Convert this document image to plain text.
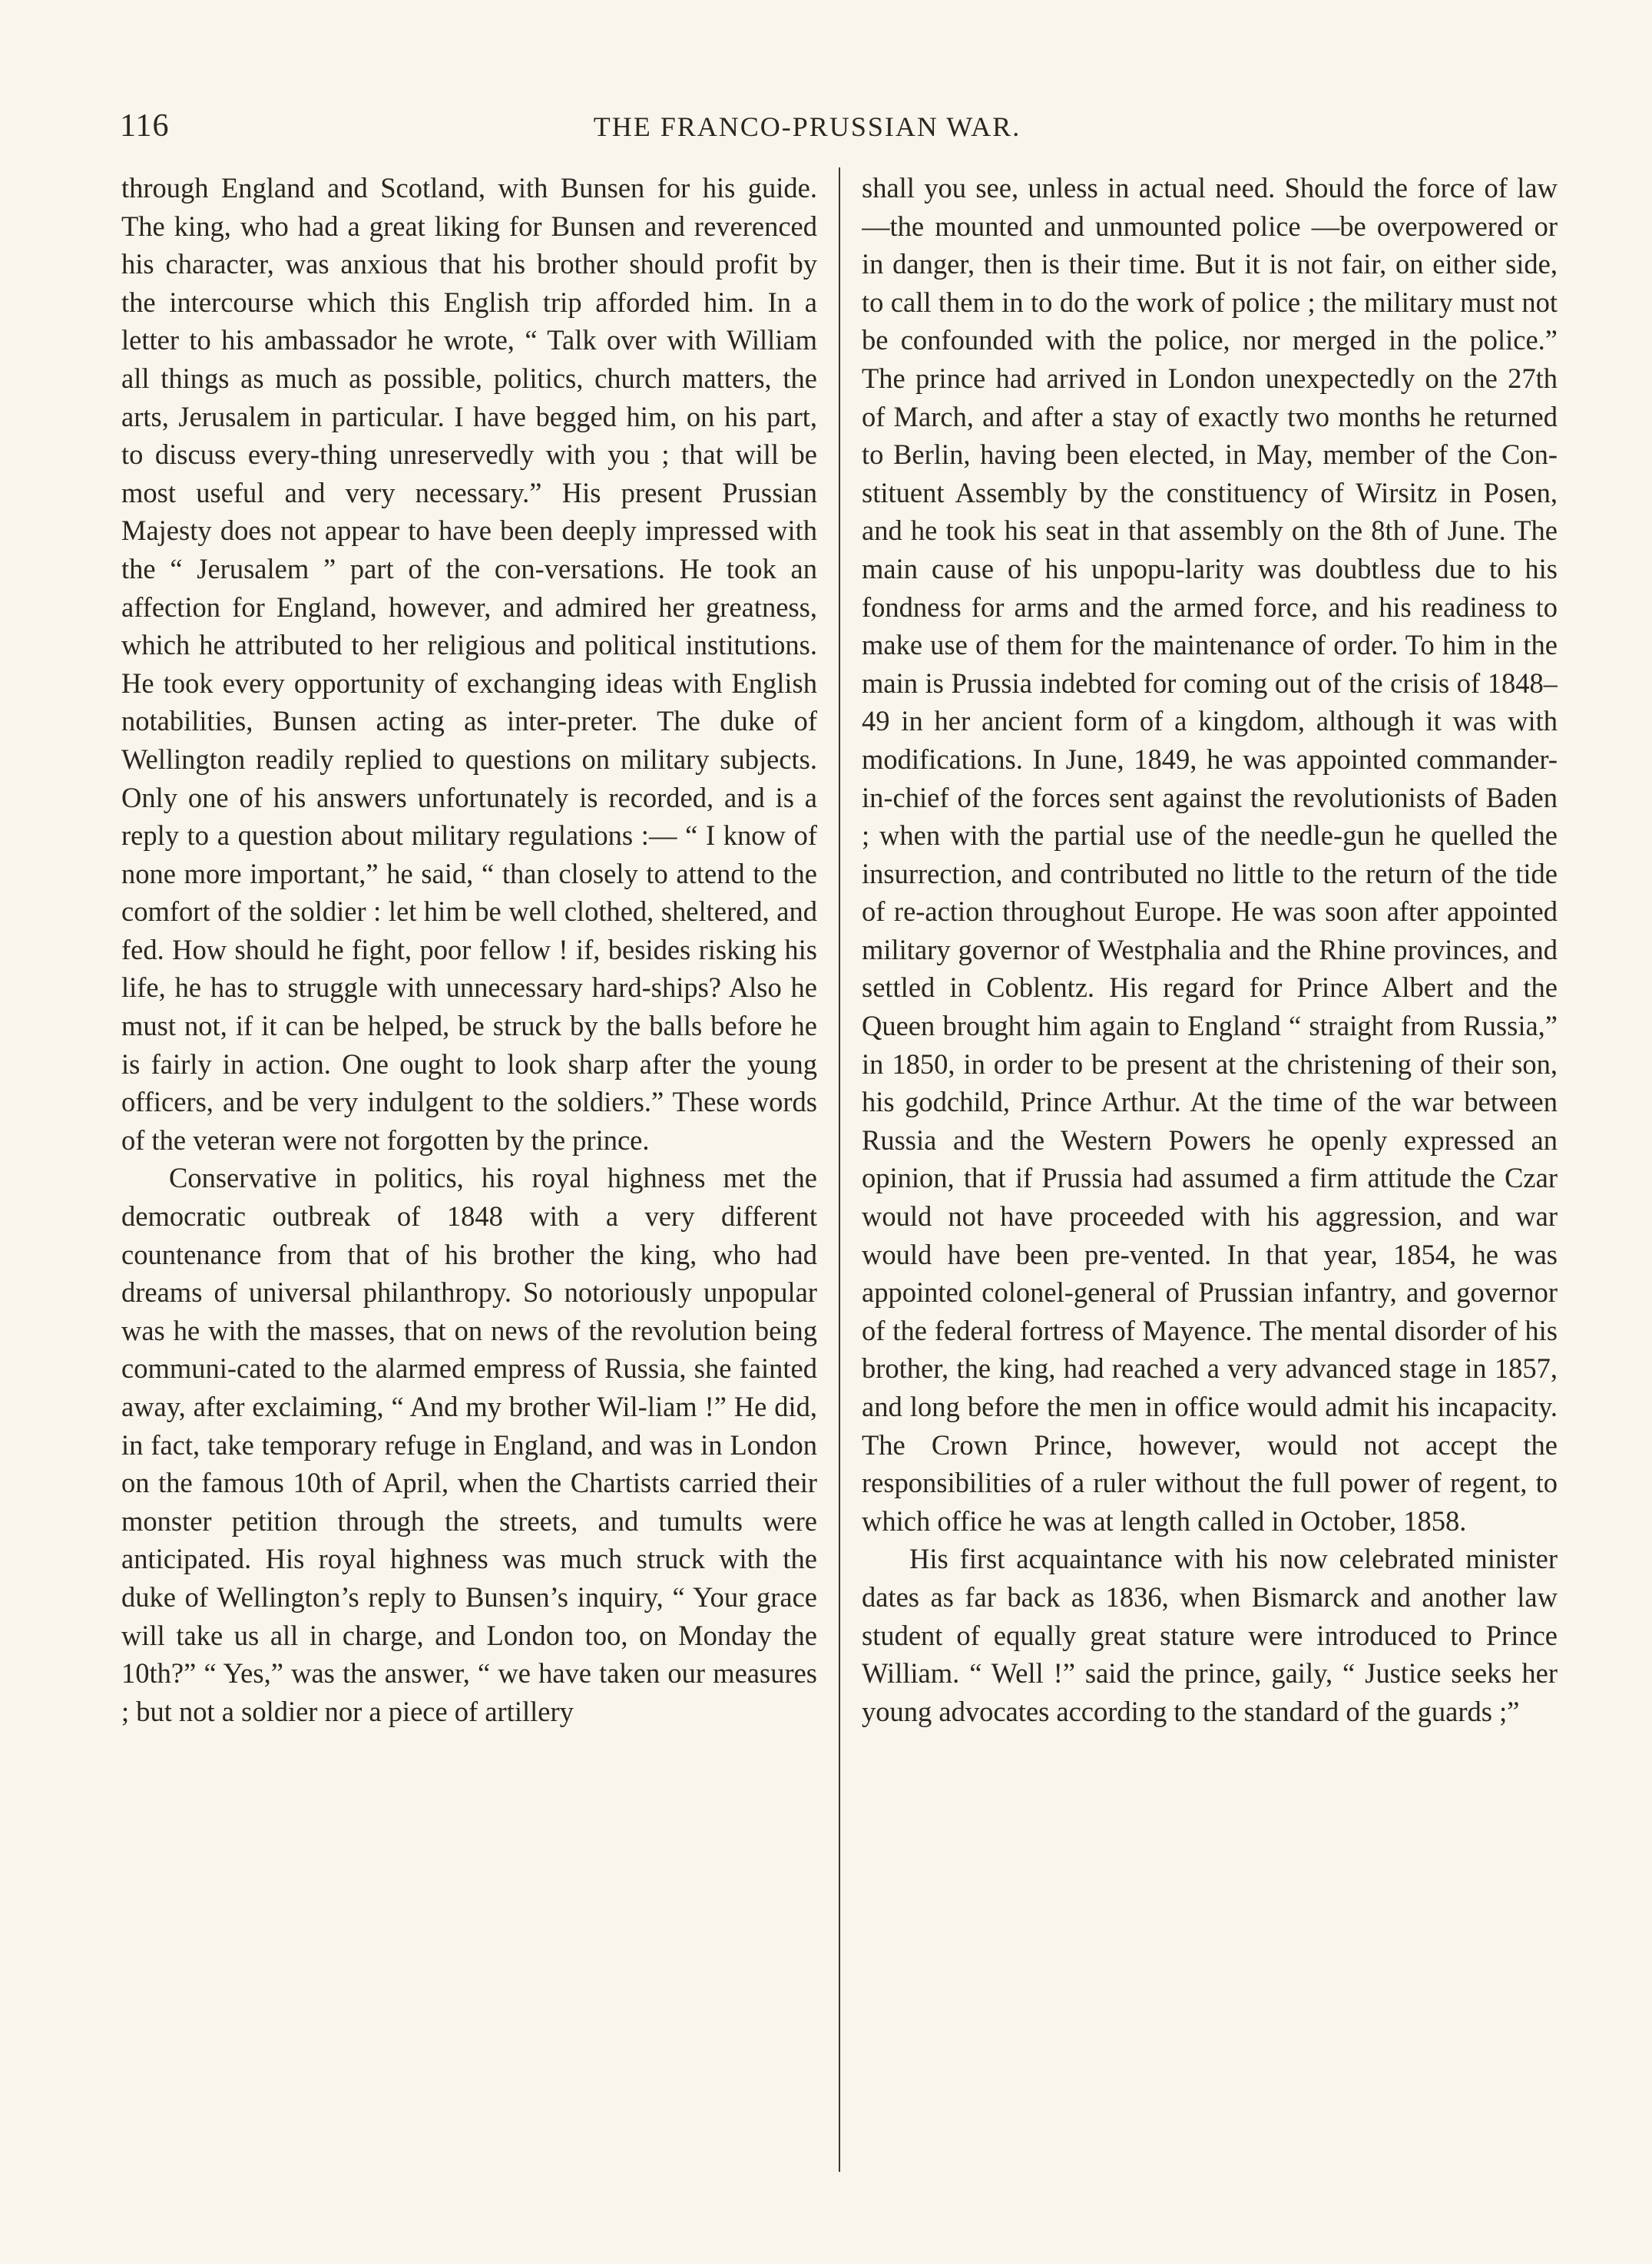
116	THE FRANCO-PRUSSIAN WAR.

through England and Scotland, with Bunsen for his guide. The king, who had a great liking for Bunsen and reverenced his character, was anxious that his brother should profit by the intercourse which this English trip afforded him. In a letter to his ambassador he wrote, “ Talk over with William all things as much as possible, politics, church matters, the arts, Jerusalem in particular. I have begged him, on his part, to discuss every-thing unreservedly with you ; that will be most useful and very necessary.” His present Prussian Majesty does not appear to have been deeply impressed with the “ Jerusalem ” part of the con-versations. He took an affection for England, however, and admired her greatness, which he attributed to her religious and political institutions. He took every opportunity of exchanging ideas with English notabilities, Bunsen acting as inter-preter. The duke of Wellington readily replied to questions on military subjects. Only one of his answers unfortunately is recorded, and is a reply to a question about military regulations :— “ I know of none more important,” he said, “ than closely to attend to the comfort of the soldier : let him be well clothed, sheltered, and fed. How should he fight, poor fellow ! if, besides risking his life, he has to struggle with unnecessary hard-ships? Also he must not, if it can be helped, be struck by the balls before he is fairly in action. One ought to look sharp after the young officers, and be very indulgent to the soldiers.” These words of the veteran were not forgotten by the prince.

Conservative in politics, his royal highness met the democratic outbreak of 1848 with a very different countenance from that of his brother the king, who had dreams of universal philanthropy. So notoriously unpopular was he with the masses, that on news of the revolution being communi-cated to the alarmed empress of Russia, she fainted away, after exclaiming, “ And my brother Wil-liam !” He did, in fact, take temporary refuge in England, and was in London on the famous 10th of April, when the Chartists carried their monster petition through the streets, and tumults were anticipated. His royal highness was much struck with the duke of Wellington’s reply to Bunsen’s inquiry, “ Your grace will take us all in charge, and London too, on Monday the 10th?” “ Yes,” was the answer, “ we have taken our measures ; but not a soldier nor a piece of artillery

shall you see, unless in actual need. Should the force of law—the mounted and unmounted police —be overpowered or in danger, then is their time. But it is not fair, on either side, to call them in to do the work of police ; the military must not be confounded with the police, nor merged in the police.” The prince had arrived in London unexpectedly on the 27th of March, and after a stay of exactly two months he returned to Berlin, having been elected, in May, member of the Con-stituent Assembly by the constituency of Wirsitz in Posen, and he took his seat in that assembly on the 8th of June. The main cause of his unpopu-larity was doubtless due to his fondness for arms and the armed force, and his readiness to make use of them for the maintenance of order. To him in the main is Prussia indebted for coming out of the crisis of 1848–49 in her ancient form of a kingdom, although it was with modifications. In June, 1849, he was appointed commander-in-chief of the forces sent against the revolutionists of Baden ; when with the partial use of the needle-gun he quelled the insurrection, and contributed no little to the return of the tide of re-action throughout Europe. He was soon after appointed military governor of Westphalia and the Rhine provinces, and settled in Coblentz. His regard for Prince Albert and the Queen brought him again to England “ straight from Russia,” in 1850, in order to be present at the christening of their son, his godchild, Prince Arthur. At the time of the war between Russia and the Western Powers he openly expressed an opinion, that if Prussia had assumed a firm attitude the Czar would not have proceeded with his aggression, and war would have been pre-vented. In that year, 1854, he was appointed colonel-general of Prussian infantry, and governor of the federal fortress of Mayence. The mental disorder of his brother, the king, had reached a very advanced stage in 1857, and long before the men in office would admit his incapacity. The Crown Prince, however, would not accept the responsibilities of a ruler without the full power of regent, to which office he was at length called in October, 1858.

His first acquaintance with his now celebrated minister dates as far back as 1836, when Bismarck and another law student of equally great stature were introduced to Prince William. “ Well !” said the prince, gaily, “ Justice seeks her young advocates according to the standard of the guards ;”
